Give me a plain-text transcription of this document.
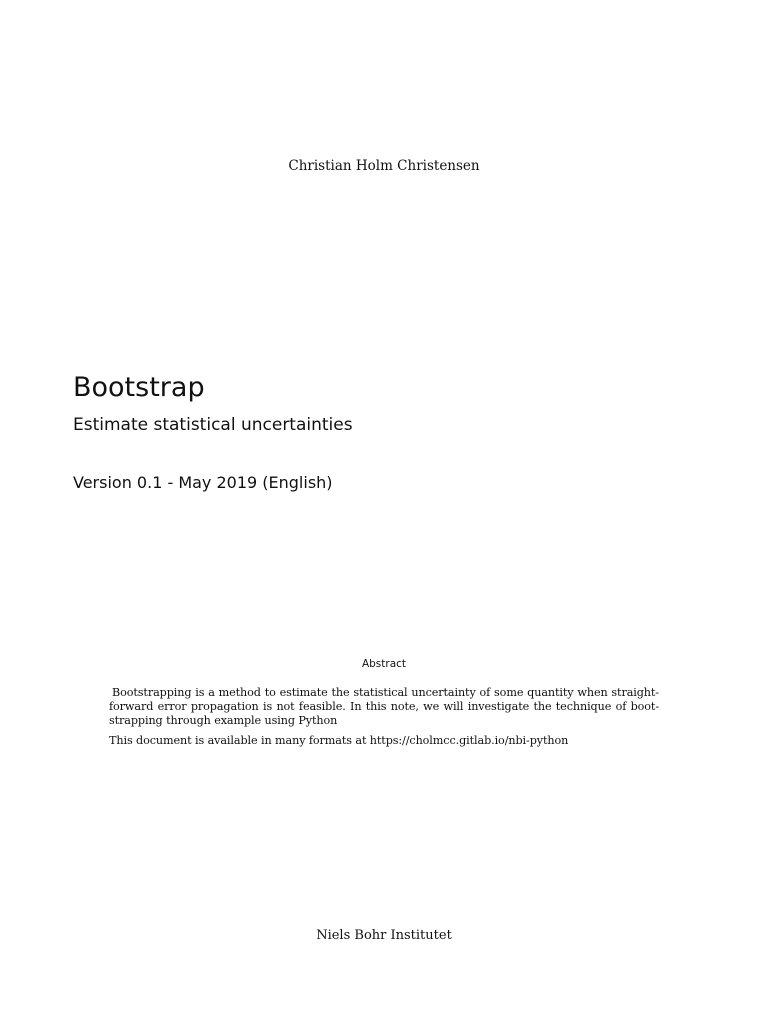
Christian Holm Christensen
Bootstrap
Estimate statistical uncertainties
Version 0.1 - May 2019 (English)
Abstract

Bootstrapping is a method to estimate the statistical uncertainty of some quantity when straight-forward error propagation is not feasible. In this note, we will investigate the technique of boot-strapping through example using Python

This document is available in many formats at https://cholmcc.gitlab.io/nbi-python

Niels Bohr Institutet
